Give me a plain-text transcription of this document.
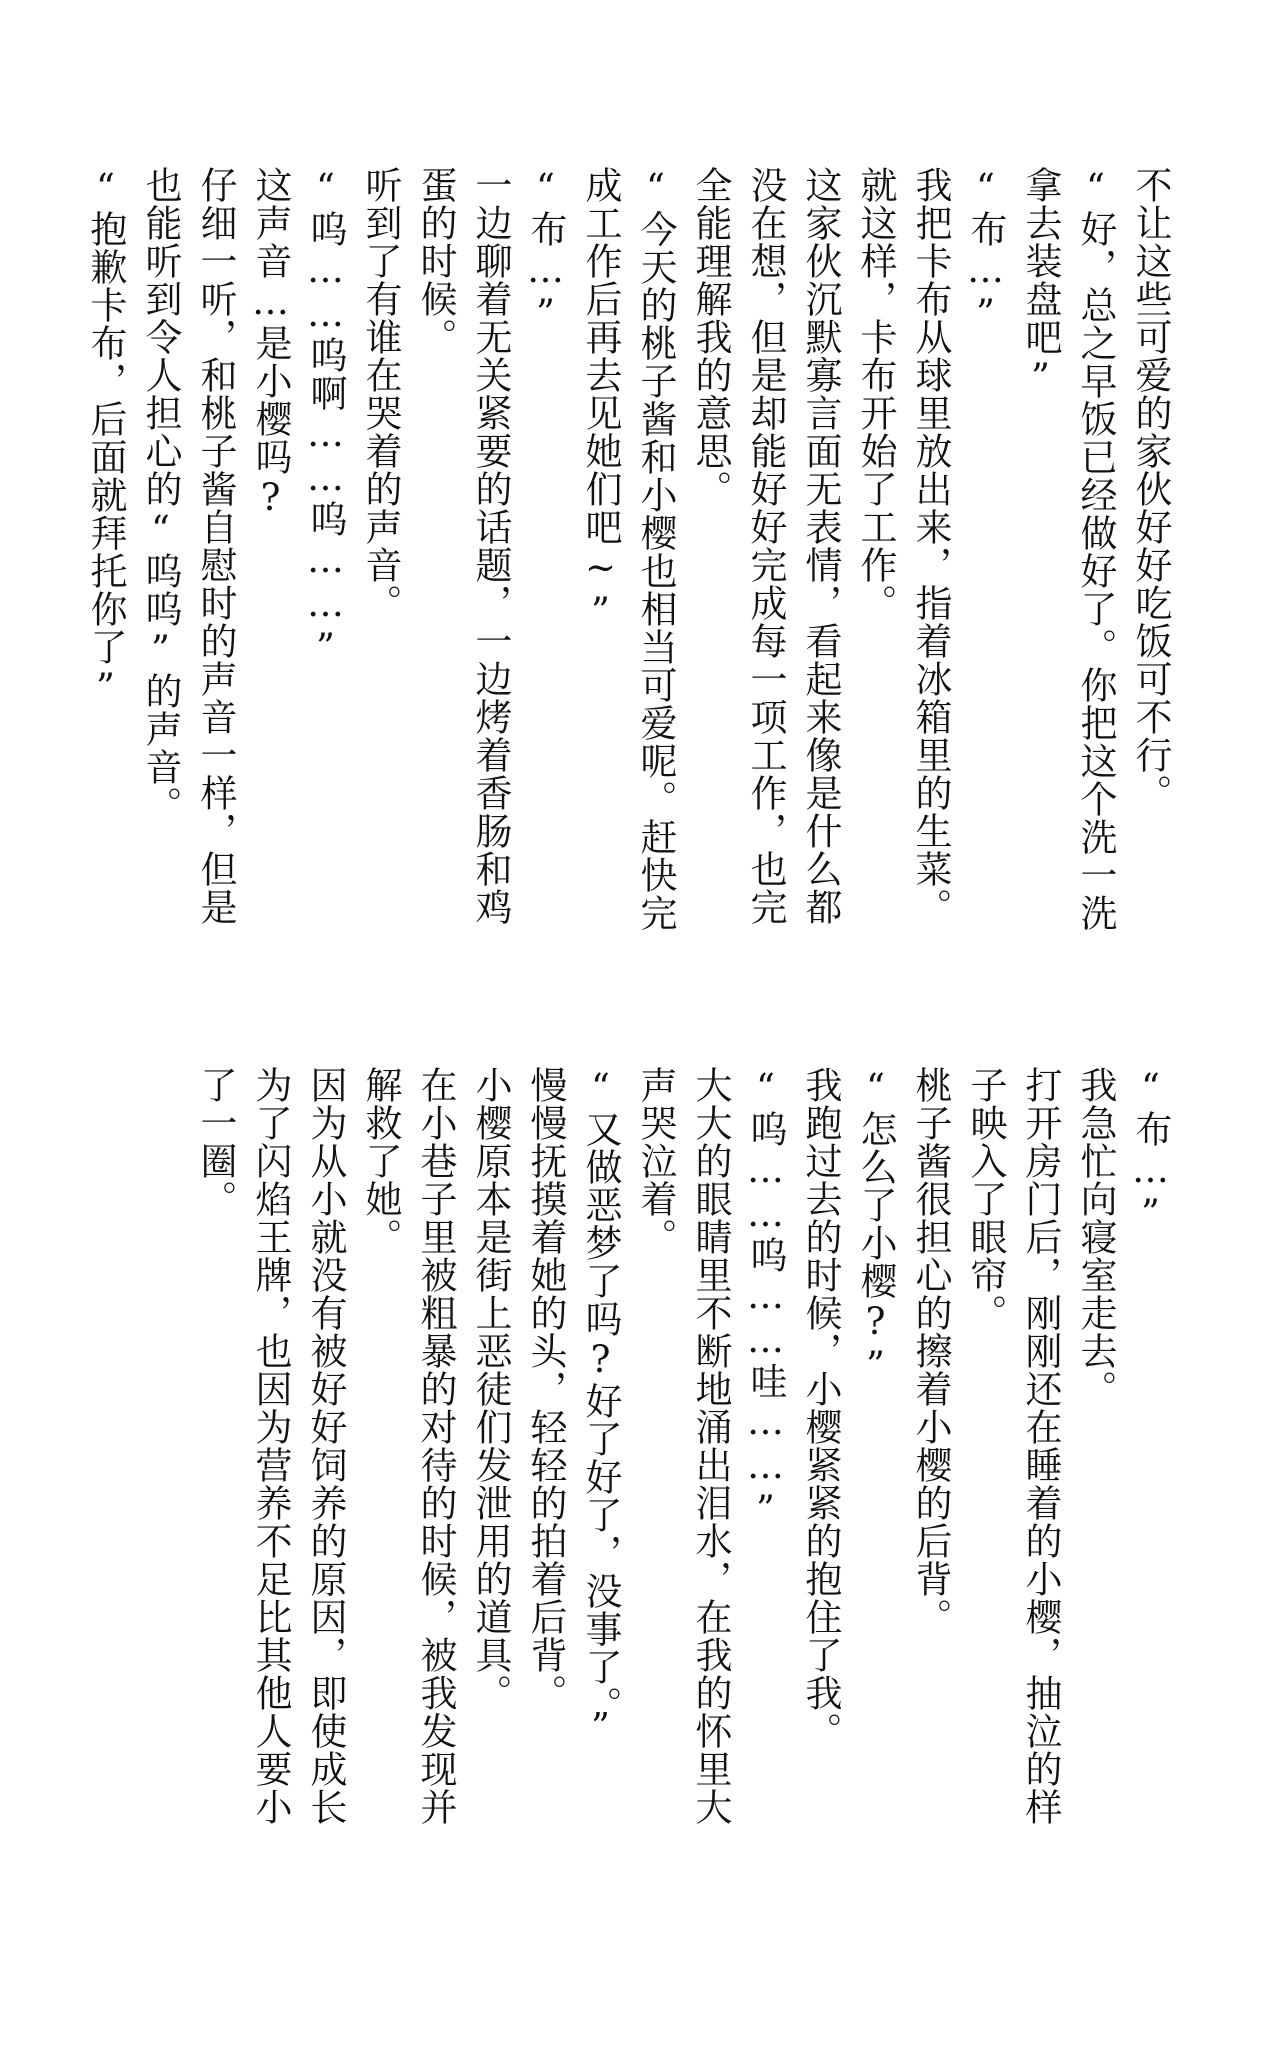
不让这些可爱的家伙好好吃饭可不行。
“好，总之早饭已经做好了。你把这个洗一洗
拿去装盘吧”
“布…”
我把卡布从球里放出来，指着冰箱里的生菜。
就这样，卡布开始了工作。
这家伙沉默寡言面无表情，看起来像是什么都
没在想，但是却能好好完成每一项工作，也完
全能理解我的意思。
“今天的桃子酱和小樱也相当可爱呢。赶快完
成工作后再去见她们吧~”
“布…”
一边聊着无关紧要的话题，一边烤着香肠和鸡
蛋的时候。
听到了有谁在哭着的声音。
“呜……呜啊……呜……”
这声音…是小樱吗?
仔细一听，和桃子酱自慰时的声音一样，但是
也能听到令人担心的“呜呜”的声音。
“抱歉卡布，后面就拜托你了”
“布…”
我急忙向寝室走去。
打开房门后，刚刚还在睡着的小樱，抽泣的样
子映入了眼帘。
桃子酱很担心的擦着小樱的后背。
“怎么了小樱?”
我跑过去的时候，小樱紧紧的抱住了我。
“呜……呜……哇……”
大大的眼睛里不断地涌出泪水，在我的怀里大
声哭泣着。
“又做恶梦了吗?好了好了，没事了。”
慢慢抚摸着她的头，轻轻的拍着后背。
小樱原本是街上恶徒们发泄用的道具。
在小巷子里被粗暴的对待的时候，被我发现并
解救了她。
因为从小就没有被好好饲养的原因，即使成长
为了闪焰王牌，也因为营养不足比其他人要小
了一圈。
